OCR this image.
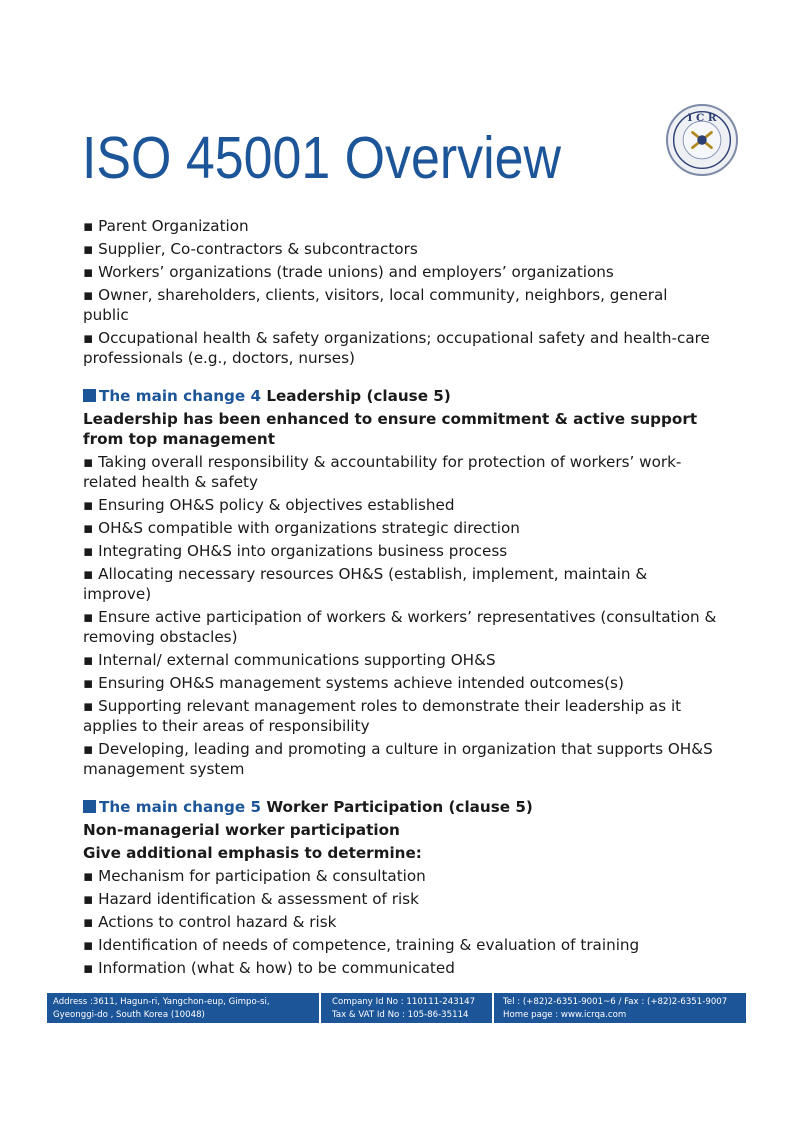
I C R
ISO 45001 Overview
▪ Parent Organization
▪ Supplier, Co-contractors & subcontractors
▪ Workers’ organizations (trade unions) and employers’ organizations
▪ Owner, shareholders, clients, visitors, local community, neighbors, general public
▪ Occupational health & safety organizations; occupational safety and health-care professionals (e.g., doctors, nurses)
The main change 4 Leadership (clause 5)
Leadership has been enhanced to ensure commitment & active support from top management
▪ Taking overall responsibility & accountability for protection of workers’ work-related health & safety
▪ Ensuring OH&S policy & objectives established
▪ OH&S compatible with organizations strategic direction
▪ Integrating OH&S into organizations business process
▪ Allocating necessary resources OH&S (establish, implement, maintain & improve)
▪ Ensure active participation of workers & workers’ representatives (consultation & removing obstacles)
▪ Internal/ external communications supporting OH&S
▪ Ensuring OH&S management systems achieve intended outcomes(s)
▪ Supporting relevant management roles to demonstrate their leadership as it applies to their areas of responsibility
▪ Developing, leading and promoting a culture in organization that supports OH&S management system
The main change 5 Worker Participation (clause 5)
Non-managerial worker participation
Give additional emphasis to determine:
▪ Mechanism for participation & consultation
▪ Hazard identification & assessment of risk
▪ Actions to control hazard & risk
▪ Identification of needs of competence, training & evaluation of training
▪ Information (what & how) to be communicated
Address :3611, Hagun-ri, Yangchon-eup, Gimpo-si,
Gyeonggi-do , South Korea (10048)
Company Id No : 110111-243147
Tax & VAT Id No : 105-86-35114
Tel : (+82)2-6351-9001~6 / Fax : (+82)2-6351-9007
Home page : www.icrqa.com
